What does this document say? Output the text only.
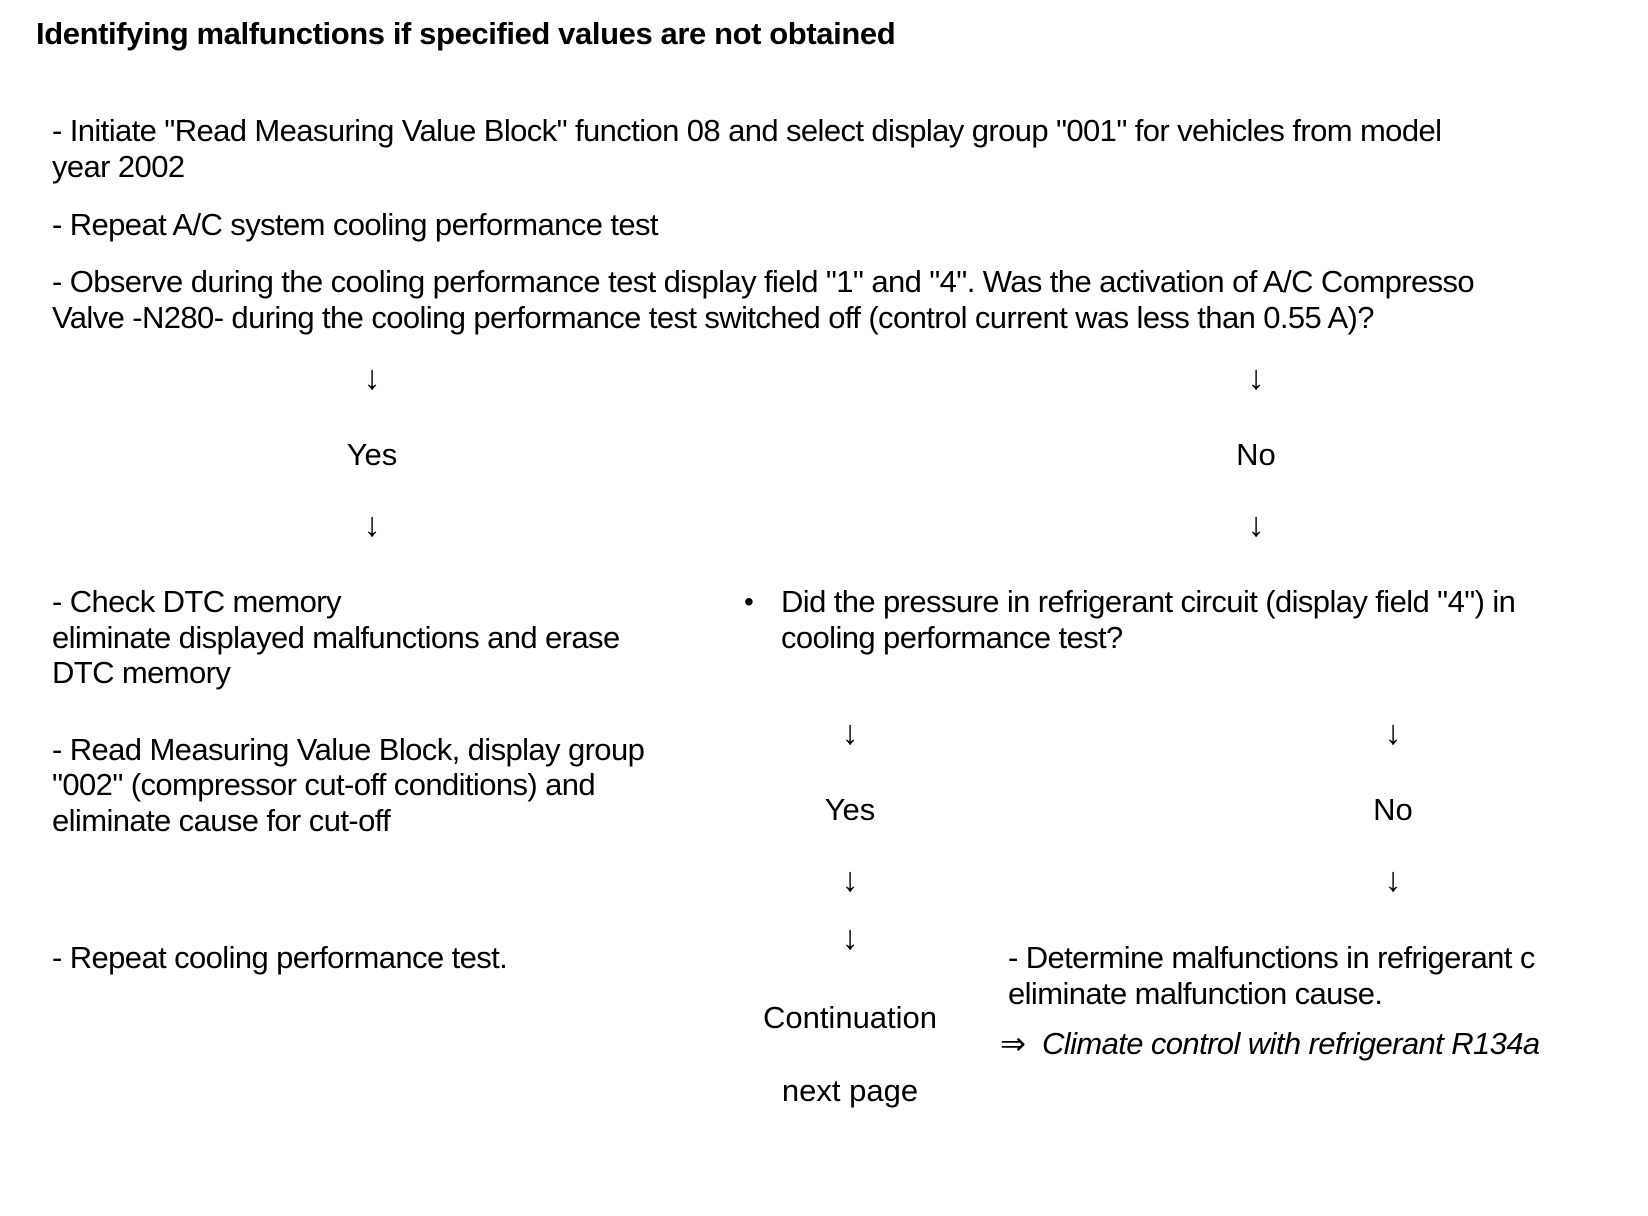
Identifying malfunctions if specified values are not obtained
- Initiate "Read Measuring Value Block" function 08 and select display group "001" for vehicles from model
year 2002
- Repeat A/C system cooling performance test
- Observe during the cooling performance test display field "1" and "4". Was the activation of A/C Compresso
Valve -N280- during the cooling performance test switched off (control current was less than 0.55 A)?
↓	↓
Yes	No
↓	↓
- Check DTC memory
eliminate displayed malfunctions and erase
DTC memory
- Read Measuring Value Block, display group
"002" (compressor cut-off conditions) and
eliminate cause for cut-off
- Repeat cooling performance test.
• Did the pressure in refrigerant circuit (display field "4") in
cooling performance test?
↓	↓
Yes	No
↓	↓
↓
Continuation
next page
- Determine malfunctions in refrigerant c
eliminate malfunction cause.
⇒ Climate control with refrigerant R134a
